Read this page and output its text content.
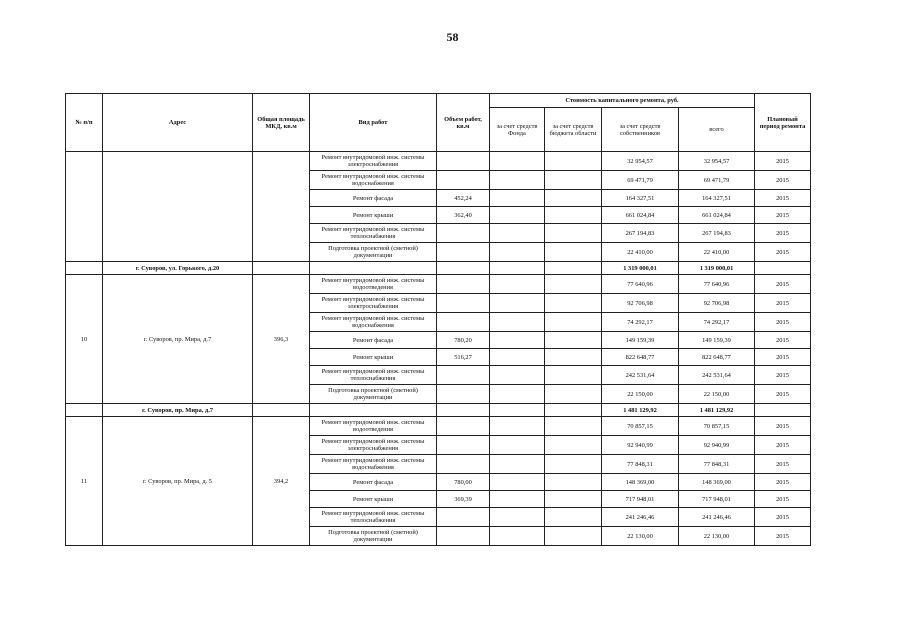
58
№ п/п	Адрес	Общая площадь МКД, кв.м	Вид работ	Объем работ, кв.м	Стоимость капитального ремонта, руб.				Плановый период ремонта
					за счет средств Фонда	за счет средств бюджета области	за счет средств собственников	всего	
			Ремонт внутридомовой инж. системы электроснабжения				32 954,57	32 954,57	2015
			Ремонт внутридомовой инж. системы водоснабжения				69 471,79	69 471,79	2015
			Ремонт фасада	452,24			164 327,51	164 327,51	2015
			Ремонт крыши	362,40			661 024,84	661 024,84	2015
			Ремонт внутридомовой инж. системы теплоснабжения				267 194,83	267 194,83	2015
			Подготовка проектной (сметной) документации				22 410,00	22 410,00	2015
	г. Суворов, ул. Горького, д.20						1 319 000,01	1 319 000,01	
10	г. Суворов, пр. Мира, д.7	396,3	Ремонт внутридомовой инж. системы водоотведения				77 640,96	77 640,96	2015
			Ремонт внутридомовой инж. системы электроснабжения				92 706,98	92 706,98	2015
			Ремонт внутридомовой инж. системы водоснабжения				74 292,17	74 292,17	2015
			Ремонт фасада	780,20			149 159,39	149 159,39	2015
			Ремонт крыши	516,27			822 648,77	822 648,77	2015
			Ремонт внутридомовой инж. системы теплоснабжения				242 531,64	242 531,64	2015
			Подготовка проектной (сметной) документации				22 150,00	22 150,00	2015
	г. Суворов, пр. Мира, д.7						1 481 129,92	1 481 129,92	
11	г. Суворов, пр. Мира, д. 5	394,2	Ремонт внутридомовой инж. системы водоотведения				70 857,15	70 857,15	2015
			Ремонт внутридомовой инж. системы электроснабжения				92 940,99	92 940,99	2015
			Ремонт внутридомовой инж. системы водоснабжения				77 848,31	77 848,31	2015
			Ремонт фасада	780,00			148 369,00	148 369,00	2015
			Ремонт крыши	369,39			717 948,01	717 948,01	2015
			Ремонт внутридомовой инж. системы теплоснабжения				241 246,46	241 246,46	2015
			Подготовка проектной (сметной) документации				22 130,00	22 130,00	2015
